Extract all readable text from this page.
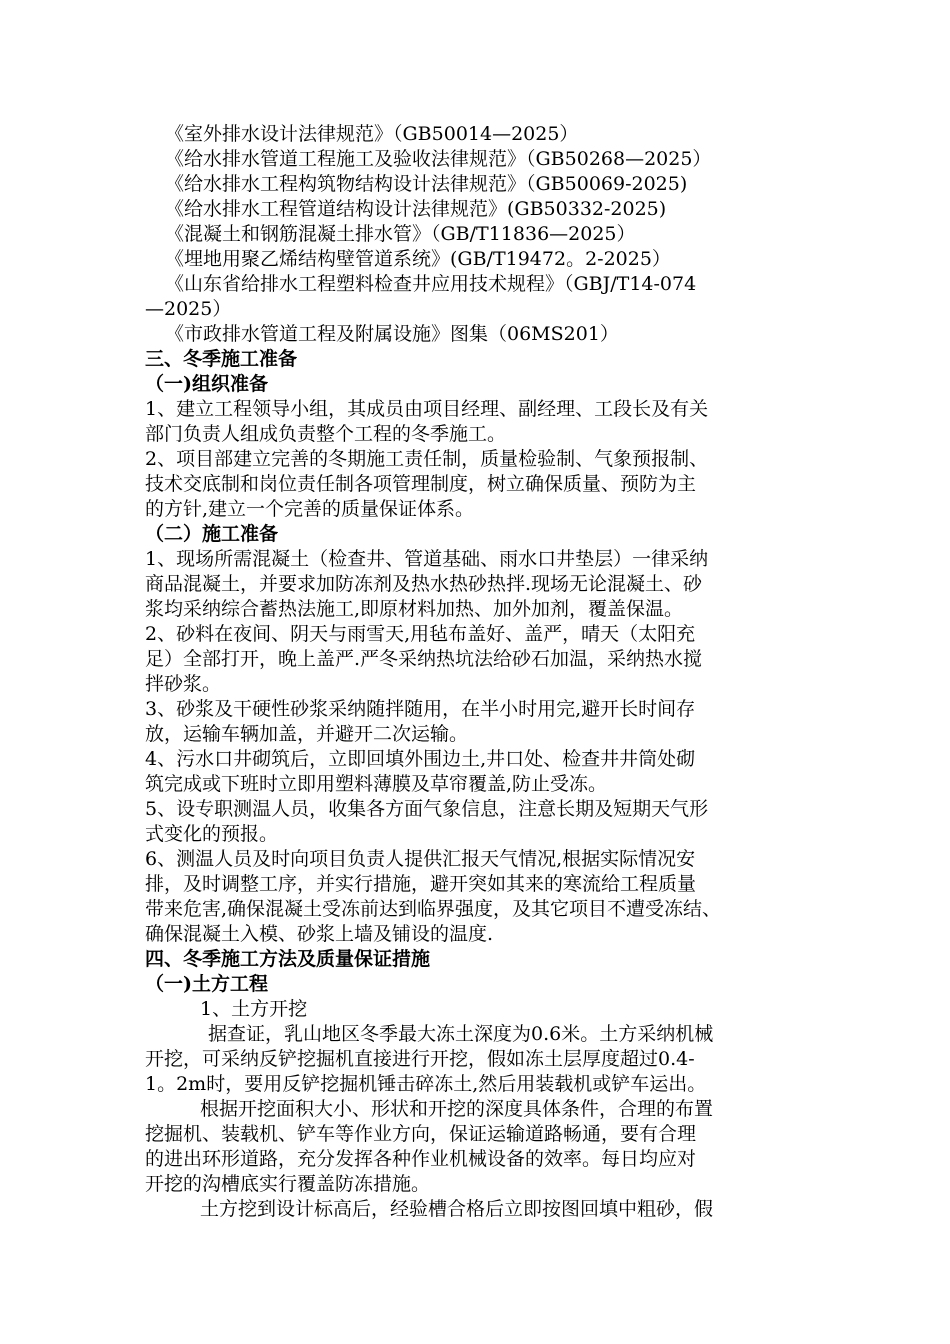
《室外排水设计法律规范》（GB50014—2025）
《给水排水管道工程施工及验收法律规范》（GB50268—2025）
《给水排水工程构筑物结构设计法律规范》（GB50069-2025)
《给水排水工程管道结构设计法律规范》(GB50332-2025)
《混凝土和钢筋混凝土排水管》（GB/T11836—2025）
《埋地用聚乙烯结构壁管道系统》(GB/T19472。2-2025）
《山东省给排水工程塑料检查井应用技术规程》（GBJ/T14-074
—2025）
《市政排水管道工程及附属设施》图集（06MS201）
三、冬季施工准备
（一)组织准备
1、建立工程领导小组，其成员由项目经理、副经理、工段长及有关
部门负责人组成负责整个工程的冬季施工。
2、项目部建立完善的冬期施工责任制，质量检验制、气象预报制、
技术交底制和岗位责任制各项管理制度，树立确保质量、预防为主
的方针,建立一个完善的质量保证体系。
（二）施工准备
1、现场所需混凝土（检查井、管道基础、雨水口井垫层）一律采纳
商品混凝土，并要求加防冻剂及热水热砂热拌.现场无论混凝土、砂
浆均采纳综合蓄热法施工,即原材料加热、加外加剂，覆盖保温。
2、砂料在夜间、阴天与雨雪天,用毡布盖好、盖严，晴天（太阳充
足）全部打开，晚上盖严.严冬采纳热坑法给砂石加温，采纳热水搅
拌砂浆。
3、砂浆及干硬性砂浆采纳随拌随用，在半小时用完,避开长时间存
放，运输车辆加盖，并避开二次运输。
4、污水口井砌筑后，立即回填外围边土,井口处、检查井井筒处砌
筑完成或下班时立即用塑料薄膜及草帘覆盖,防止受冻。
5、设专职测温人员，收集各方面气象信息，注意长期及短期天气形
式变化的预报。
6、测温人员及时向项目负责人提供汇报天气情况,根据实际情况安
排，及时调整工序，并实行措施，避开突如其来的寒流给工程质量
带来危害,确保混凝土受冻前达到临界强度，及其它项目不遭受冻结、
确保混凝土入模、砂浆上墙及铺设的温度.
四、冬季施工方法及质量保证措施
（一)土方工程
1、土方开挖
据查证，乳山地区冬季最大冻土深度为0.6米。土方采纳机械
开挖，可采纳反铲挖掘机直接进行开挖，假如冻土层厚度超过0.4-
1。2m时，要用反铲挖掘机锤击碎冻土,然后用装载机或铲车运出。
根据开挖面积大小、形状和开挖的深度具体条件，合理的布置
挖掘机、装载机、铲车等作业方向，保证运输道路畅通，要有合理
的进出环形道路，充分发挥各种作业机械设备的效率。每日均应对
开挖的沟槽底实行覆盖防冻措施。
土方挖到设计标高后，经验槽合格后立即按图回填中粗砂，假
